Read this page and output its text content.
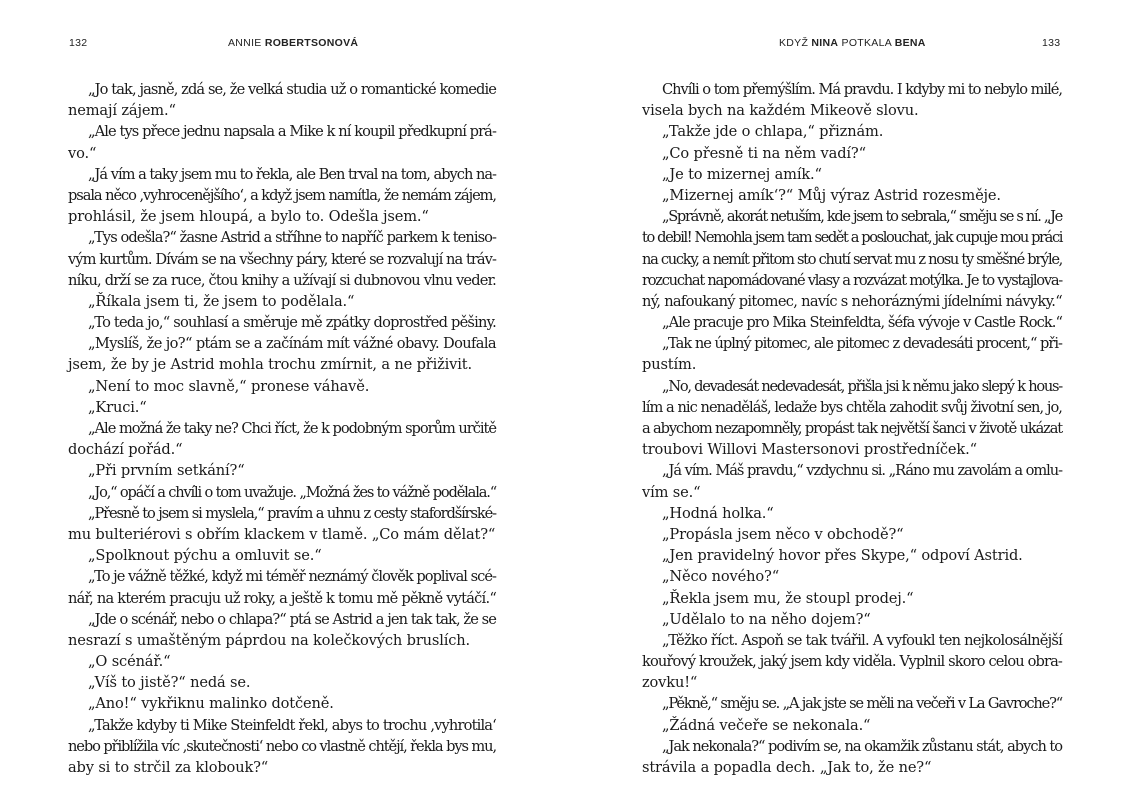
132	ANNIE ROBERTSONOVÁ
„Jo tak, jasně, zdá se, že velká studia už o romantické komedie
nemají zájem.“
„Ale tys přece jednu napsala a Mike k ní koupil předkupní prá-
vo.“
„Já vím a taky jsem mu to řekla, ale Ben trval na tom, abych na-
psala něco ‚vyhrocenějšího‘, a když jsem namítla, že nemám zájem,
prohlásil, že jsem hloupá, a bylo to. Odešla jsem.“
„Tys odešla?“ žasne Astrid a stříhne to napříč parkem k teniso-
vým kurtům. Dívám se na všechny páry, které se rozvalují na tráv-
níku, drží se za ruce, čtou knihy a užívají si dubnovou vlnu veder.
„Říkala jsem ti, že jsem to podělala.“
„To teda jo,“ souhlasí a směruje mě zpátky doprostřed pěšiny.
„Myslíš, že jo?“ ptám se a začínám mít vážné obavy. Doufala
jsem, že by je Astrid mohla trochu zmírnit, a ne přiživit.
„Není to moc slavně,“ pronese váhavě.
„Kruci.“
„Ale možná že taky ne? Chci říct, že k podobným sporům určitě
dochází pořád.“
„Při prvním setkání?“
„Jo,“ opáčí a chvíli o tom uvažuje. „Možná žes to vážně podělala.“
„Přesně to jsem si myslela,“ pravím a uhnu z cesty stafordšírské-
mu bulteriérovi s obřím klackem v tlamě. „Co mám dělat?“
„Spolknout pýchu a omluvit se.“
„To je vážně těžké, když mi téměř neznámý člověk poplival scé-
nář, na kterém pracuju už roky, a ještě k tomu mě pěkně vytáčí.“
„Jde o scénář, nebo o chlapa?“ ptá se Astrid a jen tak tak, že se
nesrazí s umaštěným páprdou na kolečkových bruslích.
„O scénář.“
„Víš to jistě?“ nedá se.
„Ano!“ vykřiknu malinko dotčeně.
„Takže kdyby ti Mike Steinfeldt řekl, abys to trochu ‚vyhrotila‘
nebo přiblížila víc ‚skutečnosti‘ nebo co vlastně chtějí, řekla bys mu,
aby si to strčil za klobouk?“
KDYŽ NINA POTKALA BENA	133
Chvíli o tom přemýšlím. Má pravdu. I kdyby mi to nebylo milé,
visela bych na každém Mikeově slovu.
„Takže jde o chlapa,“ přiznám.
„Co přesně ti na něm vadí?“
„Je to mizernej amík.“
„Mizernej amík‘?“ Můj výraz Astrid rozesměje.
„Správně, akorát netuším, kde jsem to sebrala,“ směju se s ní. „Je
to debil! Nemohla jsem tam sedět a poslouchat, jak cupuje mou práci
na cucky, a nemít přitom sto chutí servat mu z nosu ty směšné brýle,
rozcuchat napomádované vlasy a rozvázat motýlka. Je to vystajlova-
ný, nafoukaný pitomec, navíc s nehoráznými jídelními návyky.“
„Ale pracuje pro Mika Steinfeldta, šéfa vývoje v Castle Rock.“
„Tak ne úplný pitomec, ale pitomec z devadesáti procent,“ při-
pustím.
„No, devadesát nedevadesát, přišla jsi k němu jako slepý k hous-
lím a nic nenaděláš, ledaže bys chtěla zahodit svůj životní sen, jo,
a abychom nezapomněly, propást tak největší šanci v životě ukázat
troubovi Willovi Mastersonovi prostředníček.“
„Já vím. Máš pravdu,“ vzdychnu si. „Ráno mu zavolám a omlu-
vím se.“
„Hodná holka.“
„Propásla jsem něco v obchodě?“
„Jen pravidelný hovor přes Skype,“ odpoví Astrid.
„Něco nového?“
„Řekla jsem mu, že stoupl prodej.“
„Udělalo to na něho dojem?“
„Těžko říct. Aspoň se tak tvářil. A vyfoukl ten nejkolosálnější
kouřový kroužek, jaký jsem kdy viděla. Vyplnil skoro celou obra-
zovku!“
„Pěkně,“ směju se. „A jak jste se měli na večeři v La Gavroche?“
„Žádná večeře se nekonala.“
„Jak nekonala?“ podivím se, na okamžik zůstanu stát, abych to
strávila a popadla dech. „Jak to, že ne?“
